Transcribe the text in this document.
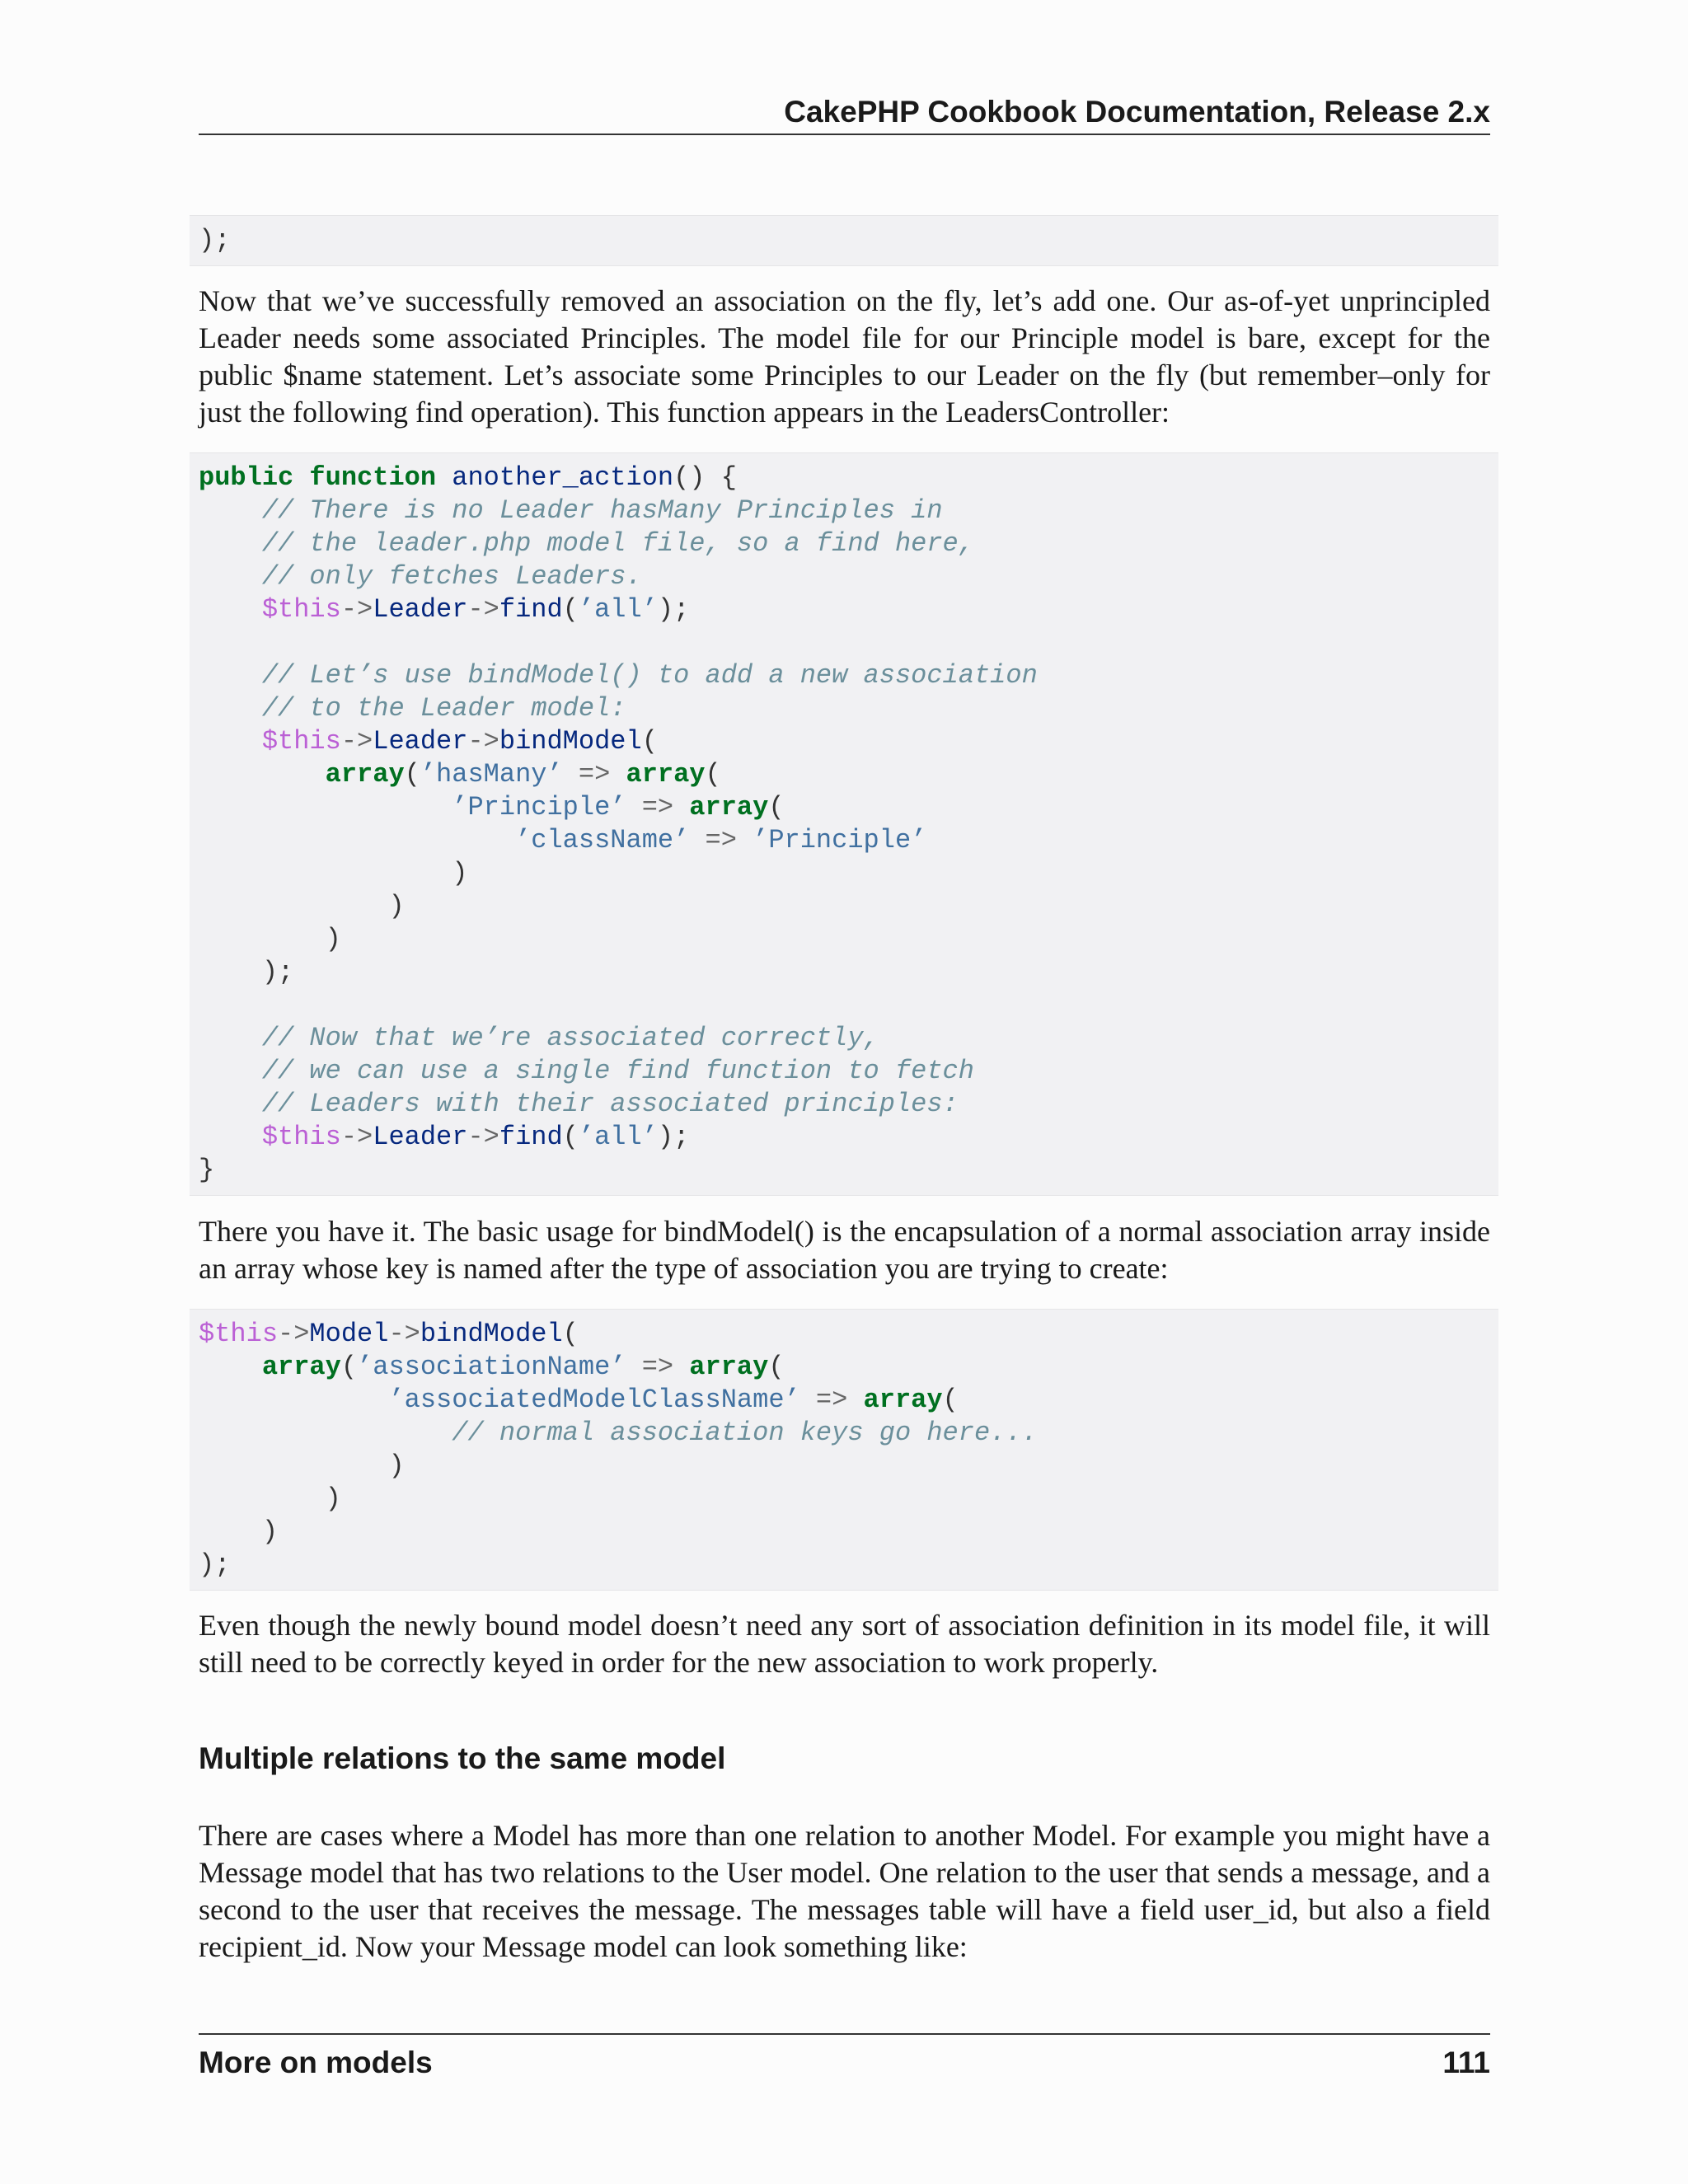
CakePHP Cookbook Documentation, Release 2.x
);

Now that we’ve successfully removed an association on the fly, let’s add one. Our as-of-yet unprincipled Leader needs some associated Principles. The model file for our Principle model is bare, except for the public $name statement. Let’s associate some Principles to our Leader on the fly (but remember–only for just the following find operation). This function appears in the LeadersController:

public function another_action() {
// There is no Leader hasMany Principles in
// the leader.php model file, so a find here,
// only fetches Leaders.
$this->Leader->find(’all’);

// Let’s use bindModel() to add a new association
// to the Leader model:
$this->Leader->bindModel(
array(’hasMany’ => array(
’Principle’ => array(
’className’ => ’Principle’
)
)
)
);

// Now that we’re associated correctly,
// we can use a single find function to fetch
// Leaders with their associated principles:
$this->Leader->find(’all’);
}

There you have it. The basic usage for bindModel() is the encapsulation of a normal association array inside an array whose key is named after the type of association you are trying to create:

$this->Model->bindModel(
array(’associationName’ => array(
’associatedModelClassName’ => array(
// normal association keys go here...
)
)
)
);

Even though the newly bound model doesn’t need any sort of association definition in its model file, it will still need to be correctly keyed in order for the new association to work properly.

Multiple relations to the same model

There are cases where a Model has more than one relation to another Model. For example you might have a Message model that has two relations to the User model. One relation to the user that sends a message, and a second to the user that receives the message. The messages table will have a field user_id, but also a field recipient_id. Now your Message model can look something like:

More on models	111
